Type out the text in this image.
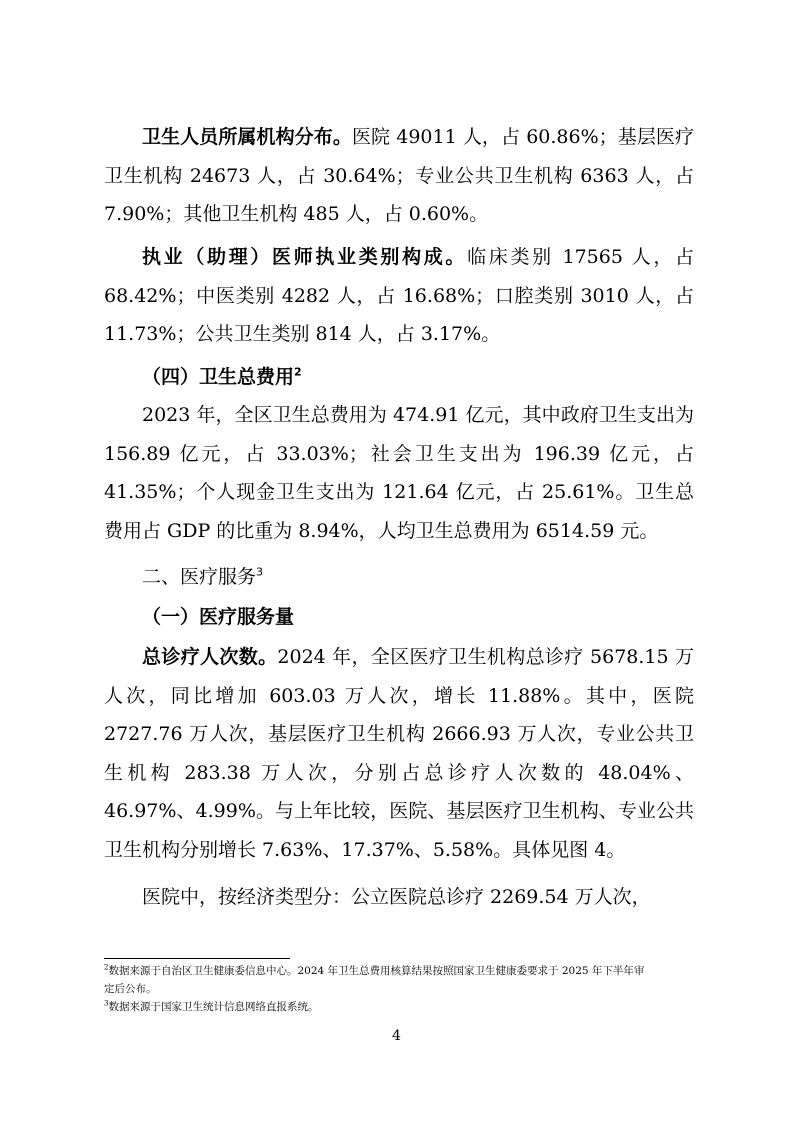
卫生人员所属机构分布。医院 49011 人，占 60.86%；基层医疗卫生机构 24673 人，占 30.64%；专业公共卫生机构 6363 人，占 7.90%；其他卫生机构 485 人，占 0.60%。

执业（助理）医师执业类别构成。临床类别 17565 人，占 68.42%；中医类别 4282 人，占 16.68%；口腔类别 3010 人，占 11.73%；公共卫生类别 814 人，占 3.17%。

（四）卫生总费用$^2$

2023 年，全区卫生总费用为 474.91 亿元，其中政府卫生支出为 156.89 亿元，占 33.03%；社会卫生支出为 196.39 亿元，占 41.35%；个人现金卫生支出为 121.64 亿元，占 25.61%。卫生总费用占 GDP 的比重为 8.94%，人均卫生总费用为 6514.59 元。

二、医疗服务$^3$
（一）医疗服务量

总诊疗人次数。2024 年，全区医疗卫生机构总诊疗 5678.15 万人次，同比增加 603.03 万人次，增长 11.88%。其中，医院 2727.76 万人次，基层医疗卫生机构 2666.93 万人次，专业公共卫生机构 283.38 万人次，分别占总诊疗人次数的 48.04%、46.97%、4.99%。与上年比较，医院、基层医疗卫生机构、专业公共卫生机构分别增长 7.63%、17.37%、5.58%。具体见图 4。

医院中，按经济类型分：公立医院总诊疗 2269.54 万人次，

$^2$数据来源于自治区卫生健康委信息中心。2024 年卫生总费用核算结果按照国家卫生健康委要求于 2025 年下半年审
定后公布。
$^3$数据来源于国家卫生统计信息网络直报系统。
4
